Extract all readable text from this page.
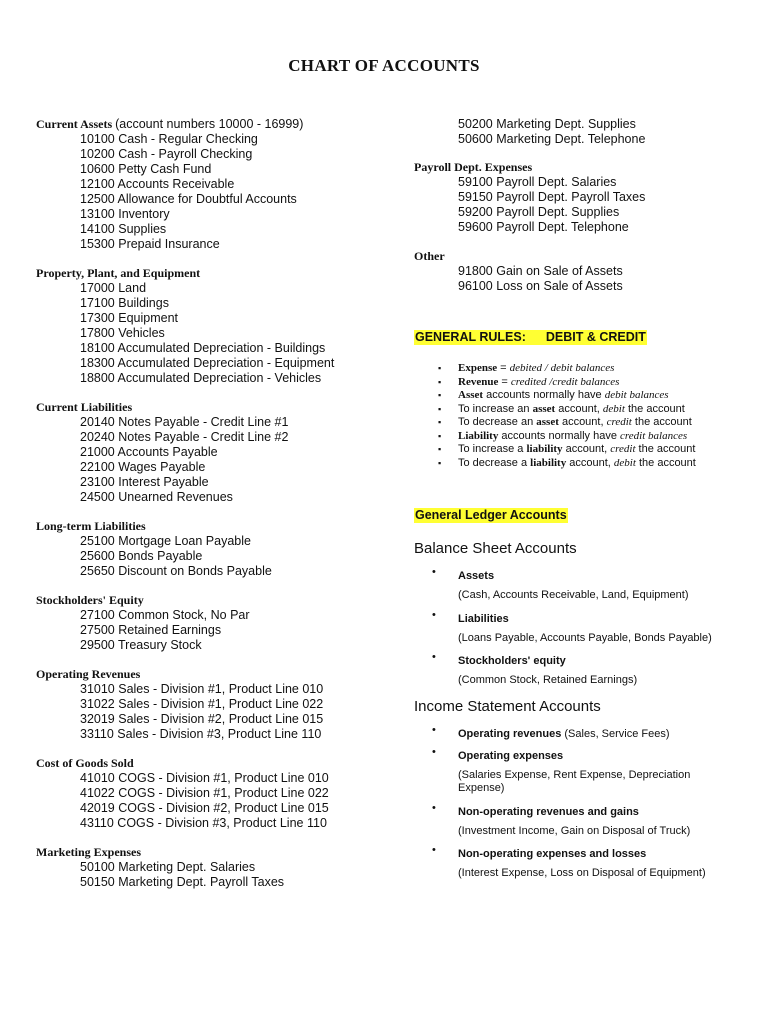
CHART OF ACCOUNTS
Current Assets (account numbers 10000 - 16999)
10100 Cash - Regular Checking
10200 Cash - Payroll Checking
10600 Petty Cash Fund
12100 Accounts Receivable
12500 Allowance for Doubtful Accounts
13100 Inventory
14100 Supplies
15300 Prepaid Insurance
Property, Plant, and Equipment
17000 Land
17100 Buildings
17300 Equipment
17800 Vehicles
18100 Accumulated Depreciation - Buildings
18300 Accumulated Depreciation - Equipment
18800 Accumulated Depreciation - Vehicles
Current Liabilities
20140 Notes Payable - Credit Line #1
20240 Notes Payable - Credit Line #2
21000 Accounts Payable
22100 Wages Payable
23100 Interest Payable
24500 Unearned Revenues
Long-term Liabilities
25100 Mortgage Loan Payable
25600 Bonds Payable
25650 Discount on Bonds Payable
Stockholders' Equity
27100 Common Stock, No Par
27500 Retained Earnings
29500 Treasury Stock
Operating Revenues
31010 Sales - Division #1, Product Line 010
31022 Sales - Division #1, Product Line 022
32019 Sales - Division #2, Product Line 015
33110 Sales - Division #3, Product Line 110
Cost of Goods Sold
41010 COGS - Division #1, Product Line 010
41022 COGS - Division #1, Product Line 022
42019 COGS - Division #2, Product Line 015
43110 COGS - Division #3, Product Line 110
Marketing Expenses
50100 Marketing Dept. Salaries
50150 Marketing Dept. Payroll Taxes
50200 Marketing Dept. Supplies
50600 Marketing Dept. Telephone
Payroll Dept. Expenses
59100 Payroll Dept. Salaries
59150 Payroll Dept. Payroll Taxes
59200 Payroll Dept. Supplies
59600 Payroll Dept. Telephone
Other
91800 Gain on Sale of Assets
96100 Loss on Sale of Assets
GENERAL RULES: DEBIT & CREDIT
▪ Expense = debited / debit balances
▪ Revenue = credited /credit balances
▪ Asset accounts normally have debit balances
▪ To increase an asset account, debit the account
▪ To decrease an asset account, credit the account
▪ Liability accounts normally have credit balances
▪ To increase a liability account, credit the account
▪ To decrease a liability account, debit the account
General Ledger Accounts
Balance Sheet Accounts
• Assets
(Cash, Accounts Receivable, Land, Equipment)
• Liabilities
(Loans Payable, Accounts Payable, Bonds Payable)
• Stockholders' equity
(Common Stock, Retained Earnings)
Income Statement Accounts
• Operating revenues (Sales, Service Fees)
• Operating expenses
(Salaries Expense, Rent Expense, Depreciation Expense)
• Non-operating revenues and gains
(Investment Income, Gain on Disposal of Truck)
• Non-operating expenses and losses
(Interest Expense, Loss on Disposal of Equipment)
